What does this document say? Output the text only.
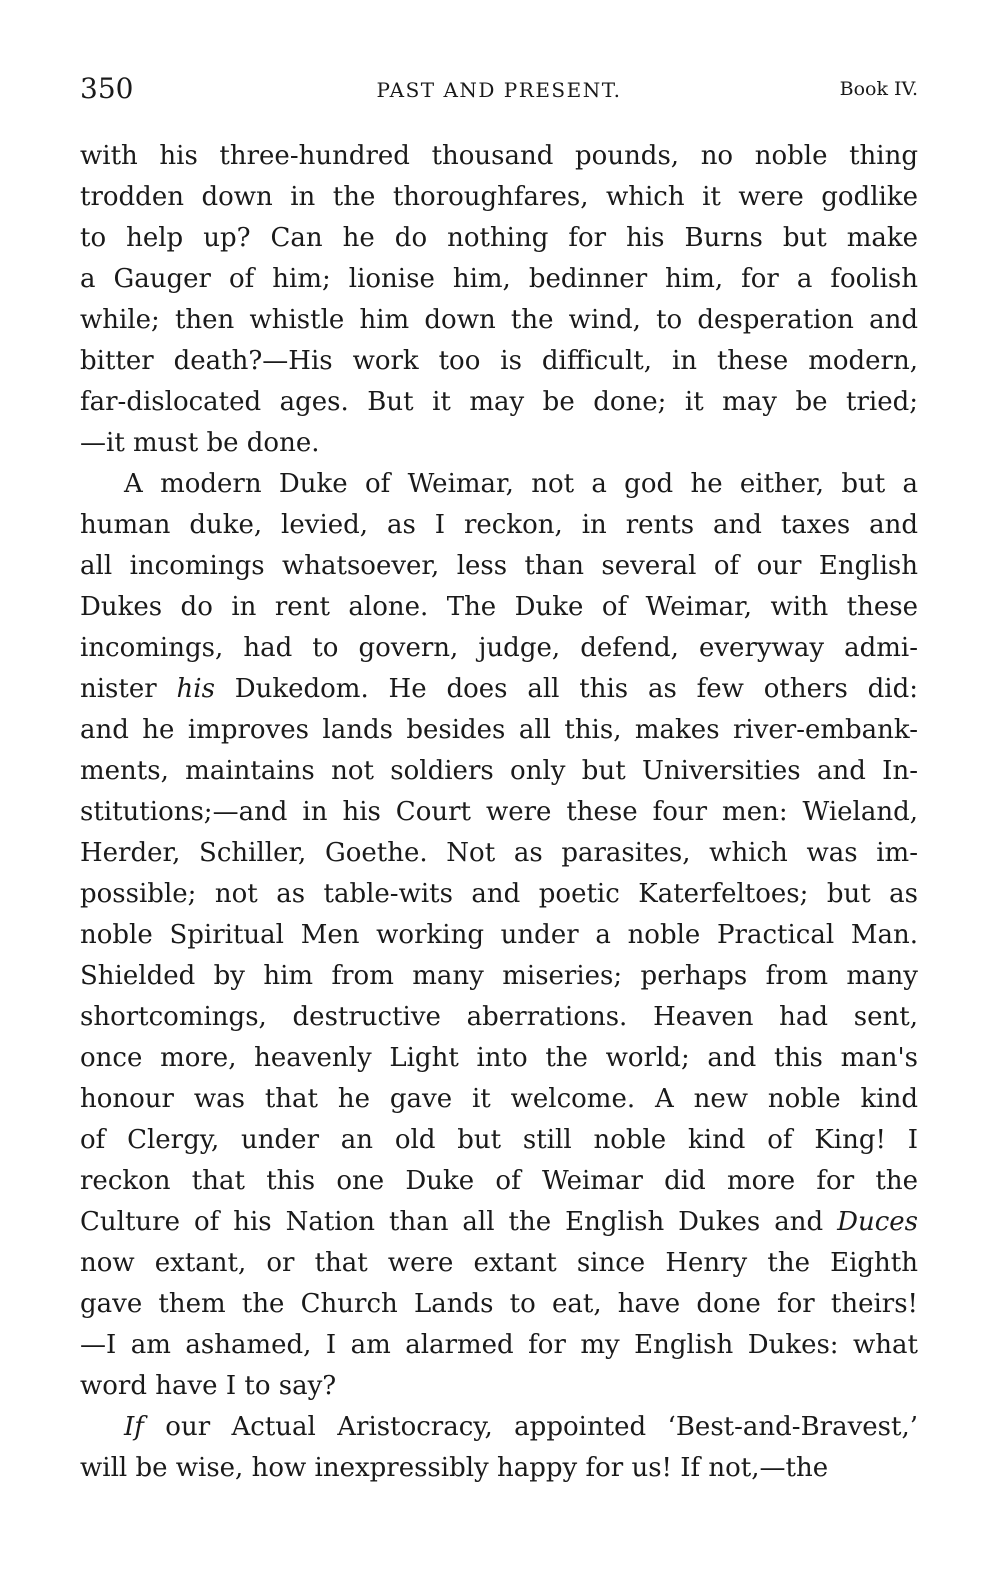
350	PAST AND PRESENT.	Book IV.
with his three-hundred thousand pounds, no noble thing
trodden down in the thoroughfares, which it were godlike
to help up? Can he do nothing for his Burns but make
a Gauger of him; lionise him, bedinner him, for a foolish
while; then whistle him down the wind, to desperation and
bitter death?—His work too is difficult, in these modern,
far-dislocated ages. But it may be done; it may be tried;
—it must be done.
A modern Duke of Weimar, not a god he either, but a
human duke, levied, as I reckon, in rents and taxes and
all incomings whatsoever, less than several of our English
Dukes do in rent alone. The Duke of Weimar, with these
incomings, had to govern, judge, defend, everyway admi-
nister his Dukedom. He does all this as few others did:
and he improves lands besides all this, makes river-embank-
ments, maintains not soldiers only but Universities and In-
stitutions;—and in his Court were these four men: Wieland,
Herder, Schiller, Goethe. Not as parasites, which was im-
possible; not as table-wits and poetic Katerfeltoes; but as
noble Spiritual Men working under a noble Practical Man.
Shielded by him from many miseries; perhaps from many
shortcomings, destructive aberrations. Heaven had sent,
once more, heavenly Light into the world; and this man's
honour was that he gave it welcome. A new noble kind
of Clergy, under an old but still noble kind of King! I
reckon that this one Duke of Weimar did more for the
Culture of his Nation than all the English Dukes and Duces
now extant, or that were extant since Henry the Eighth
gave them the Church Lands to eat, have done for theirs!
—I am ashamed, I am alarmed for my English Dukes: what
word have I to say?
If our Actual Aristocracy, appointed ‘Best-and-Bravest,’
will be wise, how inexpressibly happy for us! If not,—the
